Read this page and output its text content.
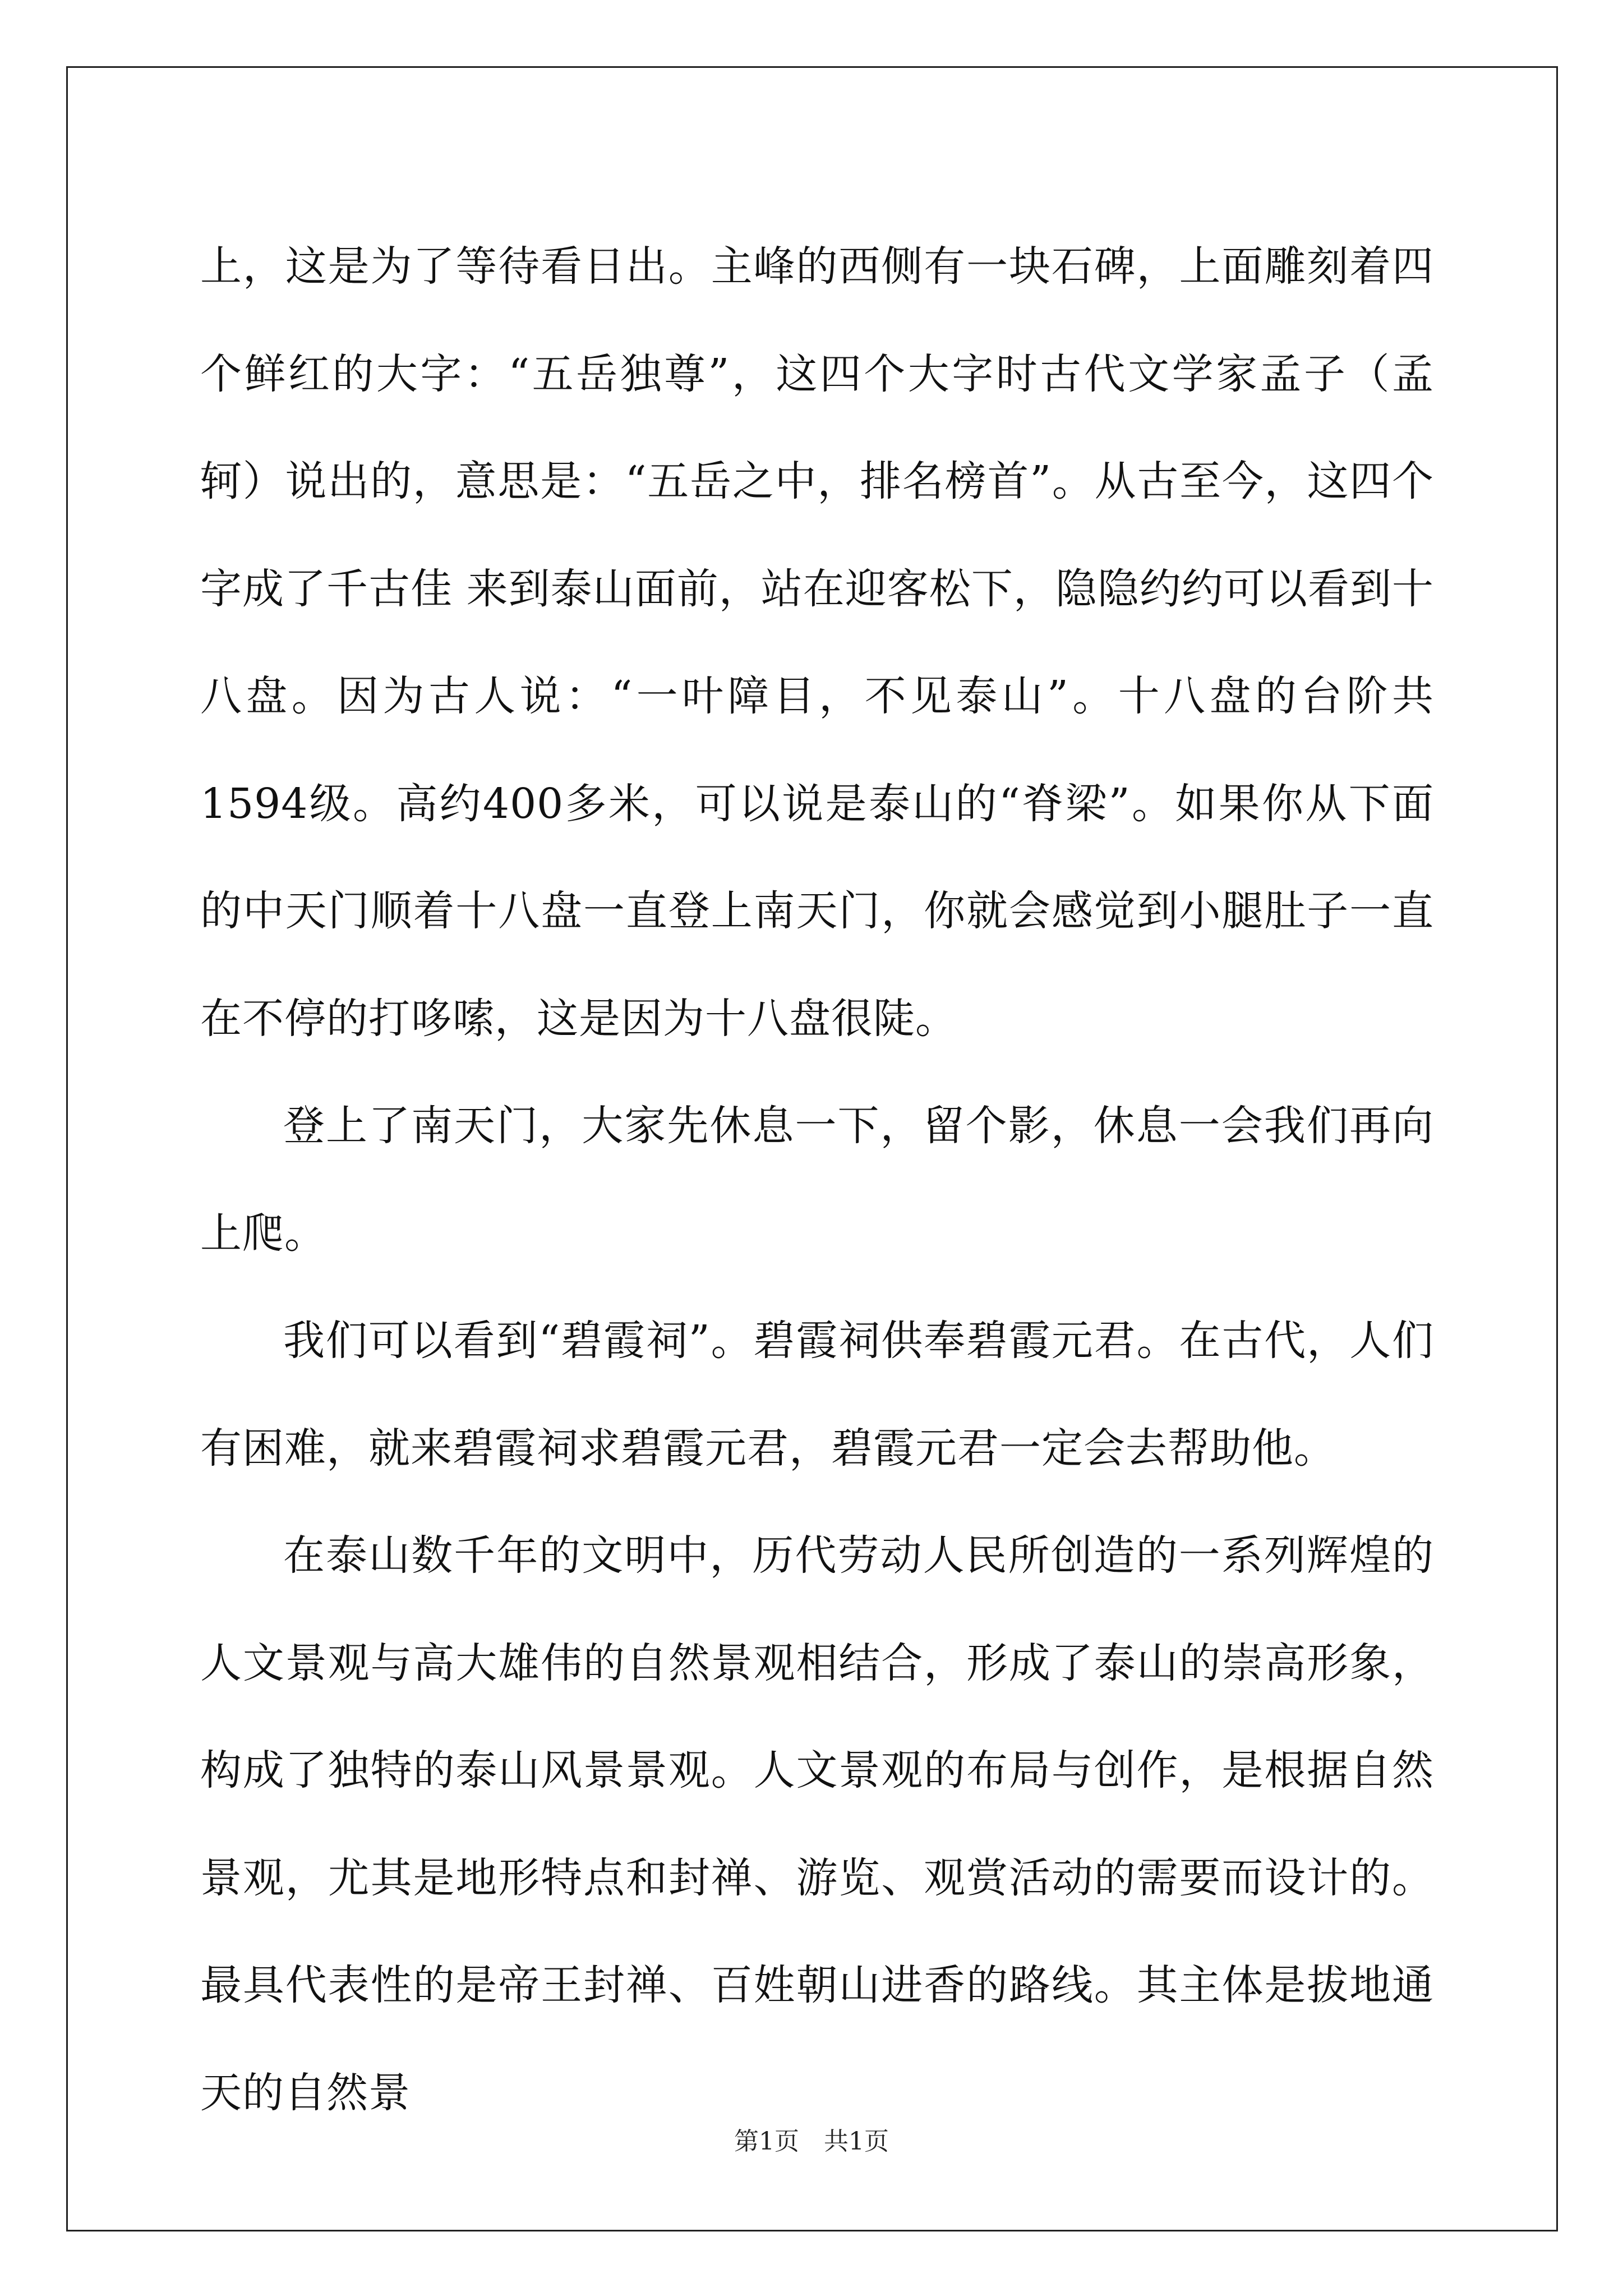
上，这是为了等待看日出。主峰的西侧有一块石碑，上面雕刻着四个鲜红的大字：“五岳独尊”，这四个大字时古代文学家孟子（孟轲）说出的，意思是：“五岳之中，排名榜首”。从古至今，这四个字成了千古佳 来到泰山面前，站在迎客松下，隐隐约约可以看到十八盘。因为古人说：“一叶障目，不见泰山”。十八盘的台阶共1594级。高约400多米，可以说是泰山的“脊梁”。如果你从下面的中天门顺着十八盘一直登上南天门，你就会感觉到小腿肚子一直在不停的打哆嗦，这是因为十八盘很陡。

登上了南天门，大家先休息一下，留个影，休息一会我们再向上爬。

我们可以看到“碧霞祠”。碧霞祠供奉碧霞元君。在古代，人们有困难，就来碧霞祠求碧霞元君，碧霞元君一定会去帮助他。

在泰山数千年的文明中，历代劳动人民所创造的一系列辉煌的人文景观与高大雄伟的自然景观相结合，形成了泰山的崇高形象，构成了独特的泰山风景景观。人文景观的布局与创作，是根据自然景观，尤其是地形特点和封禅、游览、观赏活动的需要而设计的。最具代表性的是帝王封禅、百姓朝山进香的路线。其主体是拔地通天的自然景

第1页　共1页
